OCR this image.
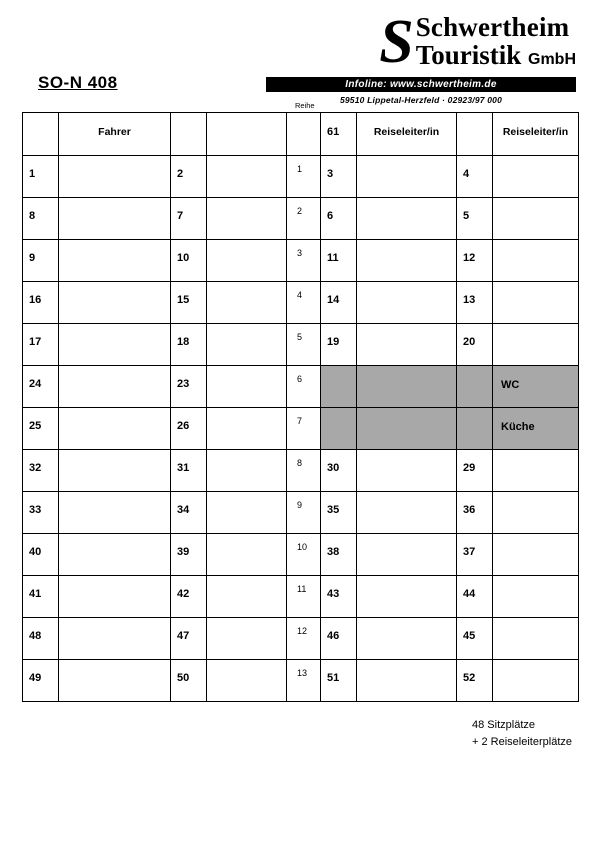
S Schwertheim
Touristik GmbH
Infoline: www.schwertheim.de
59510 Lippetal-Herzfeld · 02923/97 000
SO-N 408
Reihe

	Fahrer				61	Reiseleiter/in		Reiseleiter/in

1		2		1	3		4	

8		7		2	6		5	

9		10		3	11		12	

16		15		4	14		13	

17		18		5	19		20	

24		23		6				WC

25		26		7				Küche

32		31		8	30		29	

33		34		9	35		36	

40		39		10	38		37	

41		42		11	43		44	

48		47		12	46		45	

49		50		13	51		52	

48 Sitzplätze
+ 2 Reiseleiterplätze
